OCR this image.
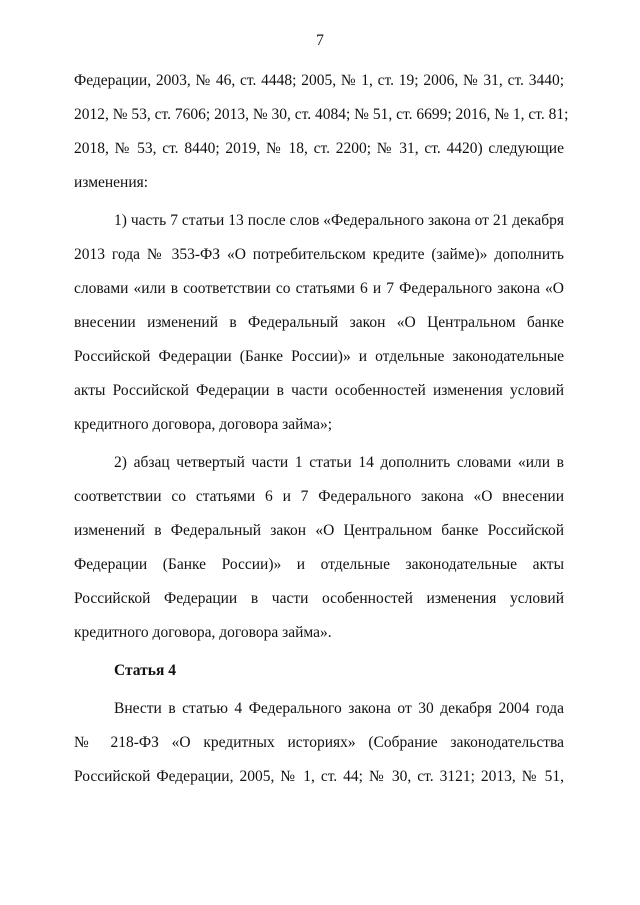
7
Федерации, 2003, № 46, ст. 4448; 2005, № 1, ст. 19; 2006, № 31, ст. 3440;
2012, № 53, ст. 7606; 2013, № 30, ст. 4084; № 51, ст. 6699; 2016, № 1, ст. 81;
2018, № 53, ст. 8440; 2019, № 18, ст. 2200; № 31, ст. 4420) следующие
изменения:
1) часть 7 статьи 13 после слов «Федерального закона от 21 декабря
2013 года № 353-ФЗ «О потребительском кредите (займе)» дополнить
словами «или в соответствии со статьями 6 и 7 Федерального закона «О
внесении изменений в Федеральный закон «О Центральном банке
Российской Федерации (Банке России)» и отдельные законодательные
акты Российской Федерации в части особенностей изменения условий
кредитного договора, договора займа»;
2) абзац четвертый части 1 статьи 14 дополнить словами «или в
соответствии со статьями 6 и 7 Федерального закона «О внесении
изменений в Федеральный закон «О Центральном банке Российской
Федерации (Банке России)» и отдельные законодательные акты
Российской Федерации в части особенностей изменения условий
кредитного договора, договора займа».
Статья 4
Внести в статью 4 Федерального закона от 30 декабря 2004 года
№ 218-ФЗ «О кредитных историях» (Собрание законодательства
Российской Федерации, 2005, № 1, ст. 44; № 30, ст. 3121; 2013, № 51,
